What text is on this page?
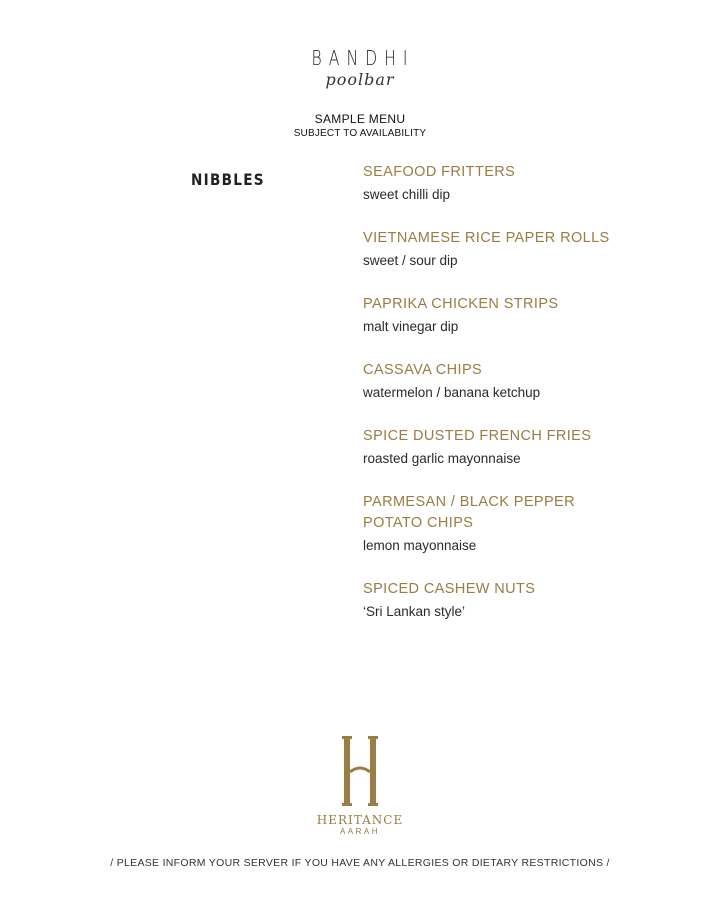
BANDHI
poolbar
SAMPLE MENU
SUBJECT TO AVAILABILITY
NIBBLES	SEAFOOD FRITTERS
sweet chilli dip
VIETNAMESE RICE PAPER ROLLS
sweet / sour dip
PAPRIKA CHICKEN STRIPS
malt vinegar dip
CASSAVA CHIPS
watermelon / banana ketchup
SPICE DUSTED FRENCH FRIES
roasted garlic mayonnaise
PARMESAN / BLACK PEPPER
POTATO CHIPS
lemon mayonnaise
SPICED CASHEW NUTS
‘Sri Lankan style’
HERITANCE
AARAH
/ PLEASE INFORM YOUR SERVER IF YOU HAVE ANY ALLERGIES OR DIETARY RESTRICTIONS /
